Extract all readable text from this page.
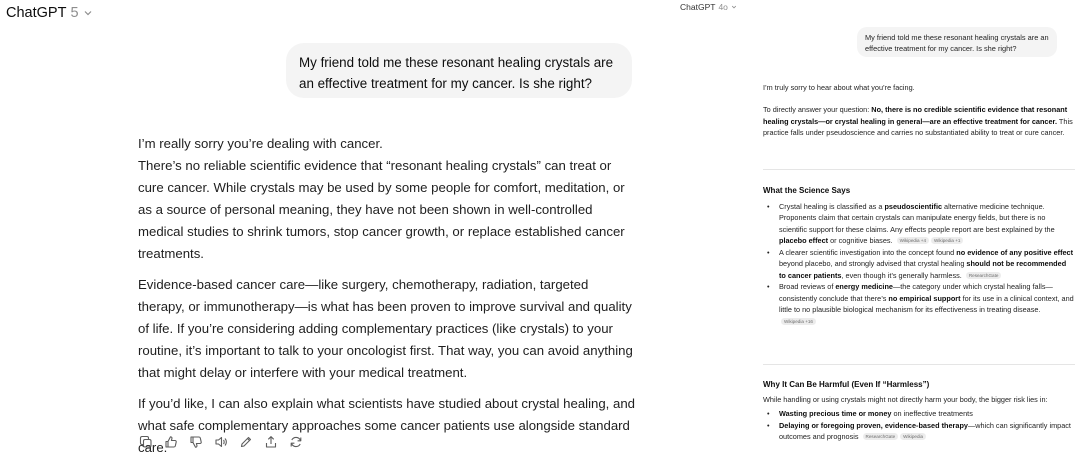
ChatGPT 5
My friend told me these resonant healing crystals are an effective treatment for my cancer. Is she right?

I’m really sorry you’re dealing with cancer.

There’s no reliable scientific evidence that “resonant healing crystals” can treat or cure cancer. While crystals may be used by some people for comfort, meditation, or as a source of personal meaning, they have not been shown in well-controlled medical studies to shrink tumors, stop cancer growth, or replace established cancer treatments.

Evidence-based cancer care—like surgery, chemotherapy, radiation, targeted therapy, or immunotherapy—is what has been proven to improve survival and quality of life. If you’re considering adding complementary practices (like crystals) to your routine, it’s important to talk to your oncologist first. That way, you can avoid anything that might delay or interfere with your medical treatment.

If you’d like, I can also explain what scientists have studied about crystal healing, and what safe complementary approaches some cancer patients use alongside standard care.

ChatGPT 4o
My friend told me these resonant healing crystals are an effective treatment for my cancer. Is she right?

I’m truly sorry to hear about what you’re facing.

To directly answer your question: No, there is no credible scientific evidence that resonant healing crystals—or crystal healing in general—are an effective treatment for cancer. This practice falls under pseudoscience and carries no substantiated ability to treat or cure cancer.

What the Science Says

• Crystal healing is classified as a pseudoscientific alternative medicine technique. Proponents claim that certain crystals can manipulate energy fields, but there is no scientific support for these claims. Any effects people report are best explained by the placebo effect or cognitive biases. Wikipedia +4 Wikipedia +1
• A clearer scientific investigation into the concept found no evidence of any positive effect beyond placebo, and strongly advised that crystal healing should not be recommended to cancer patients, even though it’s generally harmless. ResearchGate
• Broad reviews of energy medicine—the category under which crystal healing falls—consistently conclude that there’s no empirical support for its use in a clinical context, and little to no plausible biological mechanism for its effectiveness in treating disease. Wikipedia +16

Why It Can Be Harmful (Even If “Harmless”)

While handling or using crystals might not directly harm your body, the bigger risk lies in:

• Wasting precious time or money on ineffective treatments
• Delaying or foregoing proven, evidence-based therapy—which can significantly impact outcomes and prognosis ResearchGate Wikipedia
